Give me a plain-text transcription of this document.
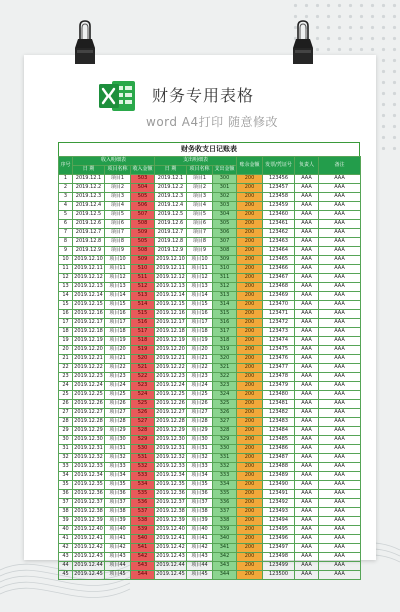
财务专用表格
word A4打印 随意修改
财务收支日记账表
序号	收入明细表			支出明细表			账余金额	发票/凭证号	负责人	备注
	日 期	项目名称	收入金额	日 期	项目名称	支出金额				
1	2019.12.1	项目1	503	2019.12.1	项目1	300	200	123456	AAA	AAA
2	2019.12.2	项目2	504	2019.12.2	项目2	301	200	123457	AAA	AAA
3	2019.12.3	项目3	505	2019.12.3	项目3	302	200	123458	AAA	AAA
4	2019.12.4	项目4	506	2019.12.4	项目4	303	200	123459	AAA	AAA
5	2019.12.5	项目5	507	2019.12.5	项目5	304	200	123460	AAA	AAA
6	2019.12.6	项目6	508	2019.12.6	项目6	305	200	123461	AAA	AAA
7	2019.12.7	项目7	509	2019.12.7	项目7	306	200	123462	AAA	AAA
8	2019.12.8	项目8	505	2019.12.8	项目8	307	200	123463	AAA	AAA
9	2019.12.9	项目9	508	2019.12.9	项目9	308	200	123464	AAA	AAA
10	2019.12.10	项目10	509	2019.12.10	项目10	309	200	123465	AAA	AAA
11	2019.12.11	项目11	510	2019.12.11	项目11	310	200	123466	AAA	AAA
12	2019.12.12	项目12	511	2019.12.12	项目12	311	200	123467	AAA	AAA
13	2019.12.13	项目13	512	2019.12.13	项目13	312	200	123468	AAA	AAA
14	2019.12.14	项目14	513	2019.12.14	项目14	313	200	123469	AAA	AAA
15	2019.12.15	项目15	514	2019.12.15	项目15	314	200	123470	AAA	AAA
16	2019.12.16	项目16	515	2019.12.16	项目16	315	200	123471	AAA	AAA
17	2019.12.17	项目17	516	2019.12.17	项目17	316	200	123472	AAA	AAA
18	2019.12.18	项目18	517	2019.12.18	项目18	317	200	123473	AAA	AAA
19	2019.12.19	项目19	518	2019.12.19	项目19	318	200	123474	AAA	AAA
20	2019.12.20	项目20	519	2019.12.20	项目20	319	200	123475	AAA	AAA
21	2019.12.21	项目21	520	2019.12.21	项目21	320	200	123476	AAA	AAA
22	2019.12.22	项目22	521	2019.12.22	项目22	321	200	123477	AAA	AAA
23	2019.12.23	项目23	522	2019.12.23	项目23	322	200	123478	AAA	AAA
24	2019.12.24	项目24	523	2019.12.24	项目24	323	200	123479	AAA	AAA
25	2019.12.25	项目25	524	2019.12.25	项目25	324	200	123480	AAA	AAA
26	2019.12.26	项目26	525	2019.12.26	项目26	325	200	123481	AAA	AAA
27	2019.12.27	项目27	526	2019.12.27	项目27	326	200	123482	AAA	AAA
28	2019.12.28	项目28	527	2019.12.28	项目28	327	200	123483	AAA	AAA
29	2019.12.29	项目29	528	2019.12.29	项目29	328	200	123484	AAA	AAA
30	2019.12.30	项目30	529	2019.12.30	项目30	329	200	123485	AAA	AAA
31	2019.12.31	项目31	530	2019.12.31	项目31	330	200	123486	AAA	AAA
32	2019.12.32	项目32	531	2019.12.32	项目32	331	200	123487	AAA	AAA
33	2019.12.33	项目33	532	2019.12.33	项目33	332	200	123488	AAA	AAA
34	2019.12.34	项目34	533	2019.12.34	项目34	333	200	123489	AAA	AAA
35	2019.12.35	项目35	534	2019.12.35	项目35	334	200	123490	AAA	AAA
36	2019.12.36	项目36	535	2019.12.36	项目36	335	200	123491	AAA	AAA
37	2019.12.37	项目37	536	2019.12.37	项目37	336	200	123492	AAA	AAA
38	2019.12.38	项目38	537	2019.12.38	项目38	337	200	123493	AAA	AAA
39	2019.12.39	项目39	538	2019.12.39	项目39	338	200	123494	AAA	AAA
40	2019.12.40	项目40	539	2019.12.40	项目40	339	200	123495	AAA	AAA
41	2019.12.41	项目41	540	2019.12.41	项目41	340	200	123496	AAA	AAA
42	2019.12.42	项目42	541	2019.12.42	项目42	341	200	123497	AAA	AAA
43	2019.12.43	项目43	542	2019.12.43	项目43	342	200	123498	AAA	AAA
44	2019.12.44	项目44	543	2019.12.44	项目44	343	200	123499	AAA	AAA
45	2019.12.45	项目45	544	2019.12.45	项目45	344	200	123500	AAA	AAA
